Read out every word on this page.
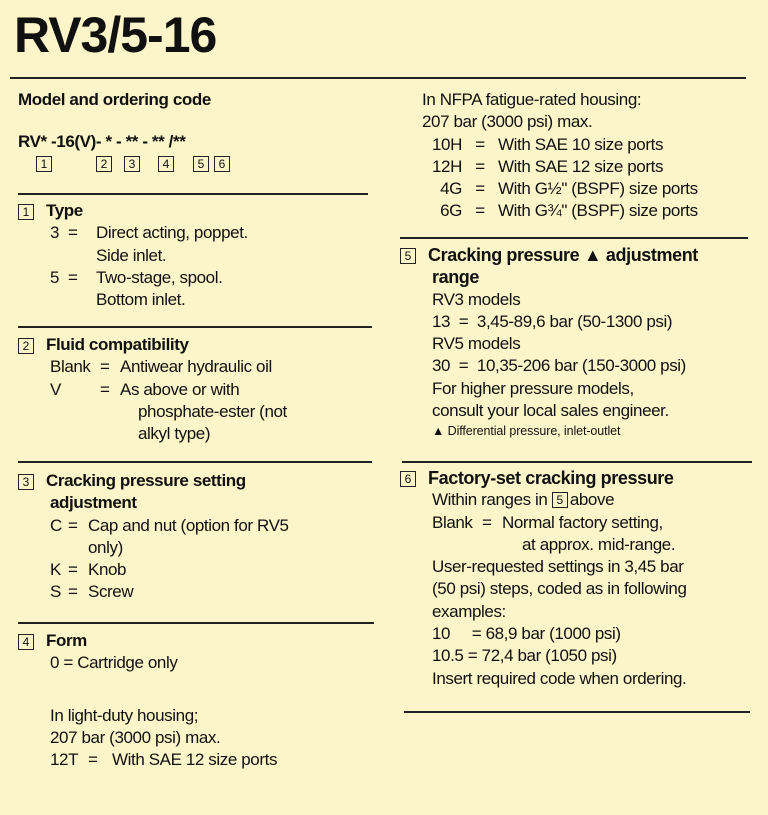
RV3/5-16
Model and ordering code
RV* -16(V)- * - ** - ** /**
1	2	3	4	5	6
1 Type
3 = Direct acting, poppet.
Side inlet.
5 = Two-stage, spool.
Bottom inlet.
2 Fluid compatibility
Blank = Antiwear hydraulic oil
V = As above or with
phosphate-ester (not
alkyl type)
3 Cracking pressure setting
adjustment
C = Cap and nut (option for RV5
only)
K = Knob
S = Screw
4 Form
0 = Cartridge only
In light-duty housing;
207 bar (3000 psi) max.
12T = With SAE 12 size ports
In NFPA fatigue-rated housing:
207 bar (3000 psi) max.
10H = With SAE 10 size ports
12H = With SAE 12 size ports
4G = With G½" (BSPF) size ports
6G = With G¾" (BSPF) size ports
5 Cracking pressure ▲ adjustment
range
RV3 models
13  =  3,45-89,6 bar (50-1300 psi)
RV5 models
30  =  10,35-206 bar (150-3000 psi)
For higher pressure models,
consult your local sales engineer.
▲ Differential pressure, inlet-outlet
6 Factory-set cracking pressure
Within ranges in 5 above
Blank = Normal factory setting,
at approx. mid-range.
User-requested settings in 3,45 bar
(50 psi) steps, coded as in following
examples:
10     = 68,9 bar (1000 psi)
10.5 = 72,4 bar (1050 psi)
Insert required code when ordering.
